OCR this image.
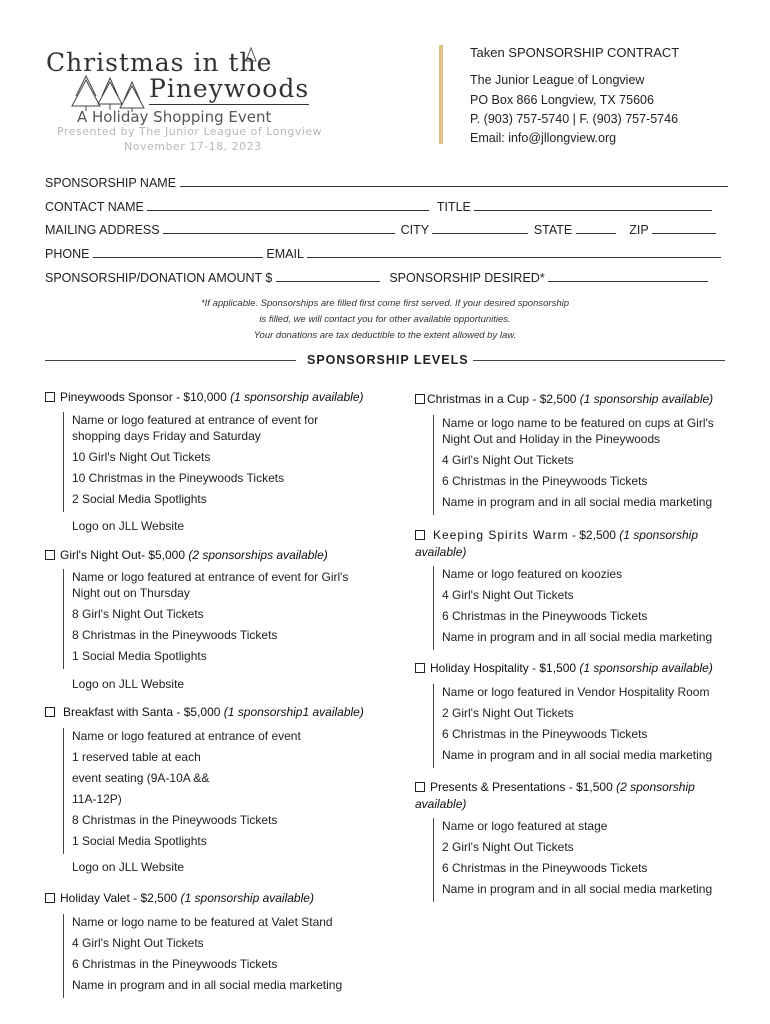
Christmas in the
Pineywoods
A Holiday Shopping Event
Presented by The Junior League of Longview
November 17-18, 2023
Taken SPONSORSHIP CONTRACT
The Junior League of Longview
PO Box 866 Longview, TX 75606
P. (903) 757-5740 | F. (903) 757-5746
Email: info@jllongview.org
SPONSORSHIP NAME
CONTACT NAME	TITLE
MAILING ADDRESS	CITY	STATE	ZIP
PHONE	EMAIL
SPONSORSHIP/DONATION AMOUNT $	SPONSORSHIP DESIRED*
*If applicable. Sponsorships are filled first come first served. If your desired sponsorship
is filled, we will contact you for other available opportunities.
Your donations are tax deductible to the extent allowed by law.
SPONSORSHIP LEVELS
Pineywoods Sponsor - $10,000 (1 sponsorship available)
Name or logo featured at entrance of event for shopping days Friday and Saturday
10 Girl's Night Out Tickets
10 Christmas in the Pineywoods Tickets
2 Social Media Spotlights
Logo on JLL Website
Girl's Night Out- $5,000 (2 sponsorships available)
Name or logo featured at entrance of event for Girl's Night out on Thursday
8 Girl's Night Out Tickets
8 Christmas in the Pineywoods Tickets
1 Social Media Spotlights
Logo on JLL Website
Breakfast with Santa - $5,000 (1 sponsorship1 available)
Name or logo featured at entrance of event
1 reserved table at each
event seating (9A-10A &&
11A-12P)
8 Christmas in the Pineywoods Tickets
1 Social Media Spotlights
Logo on JLL Website
Holiday Valet - $2,500 (1 sponsorship available)
Name or logo name to be featured at Valet Stand
4 Girl's Night Out Tickets
6 Christmas in the Pineywoods Tickets
Name in program and in all social media marketing
Christmas in a Cup - $2,500 (1 sponsorship available)
Name or logo name to be featured on cups at Girl's Night Out and Holiday in the Pineywoods
4 Girl's Night Out Tickets
6 Christmas in the Pineywoods Tickets
Name in program and in all social media marketing
Keeping Spirits Warm - $2,500 (1 sponsorship available)
Name or logo featured on koozies
4 Girl's Night Out Tickets
6 Christmas in the Pineywoods Tickets
Name in program and in all social media marketing
Holiday Hospitality - $1,500 (1 sponsorship available)
Name or logo featured in Vendor Hospitality Room
2 Girl's Night Out Tickets
6 Christmas in the Pineywoods Tickets
Name in program and in all social media marketing
Presents & Presentations - $1,500 (2 sponsorship available)
Name or logo featured at stage
2 Girl's Night Out Tickets
6 Christmas in the Pineywoods Tickets
Name in program and in all social media marketing
